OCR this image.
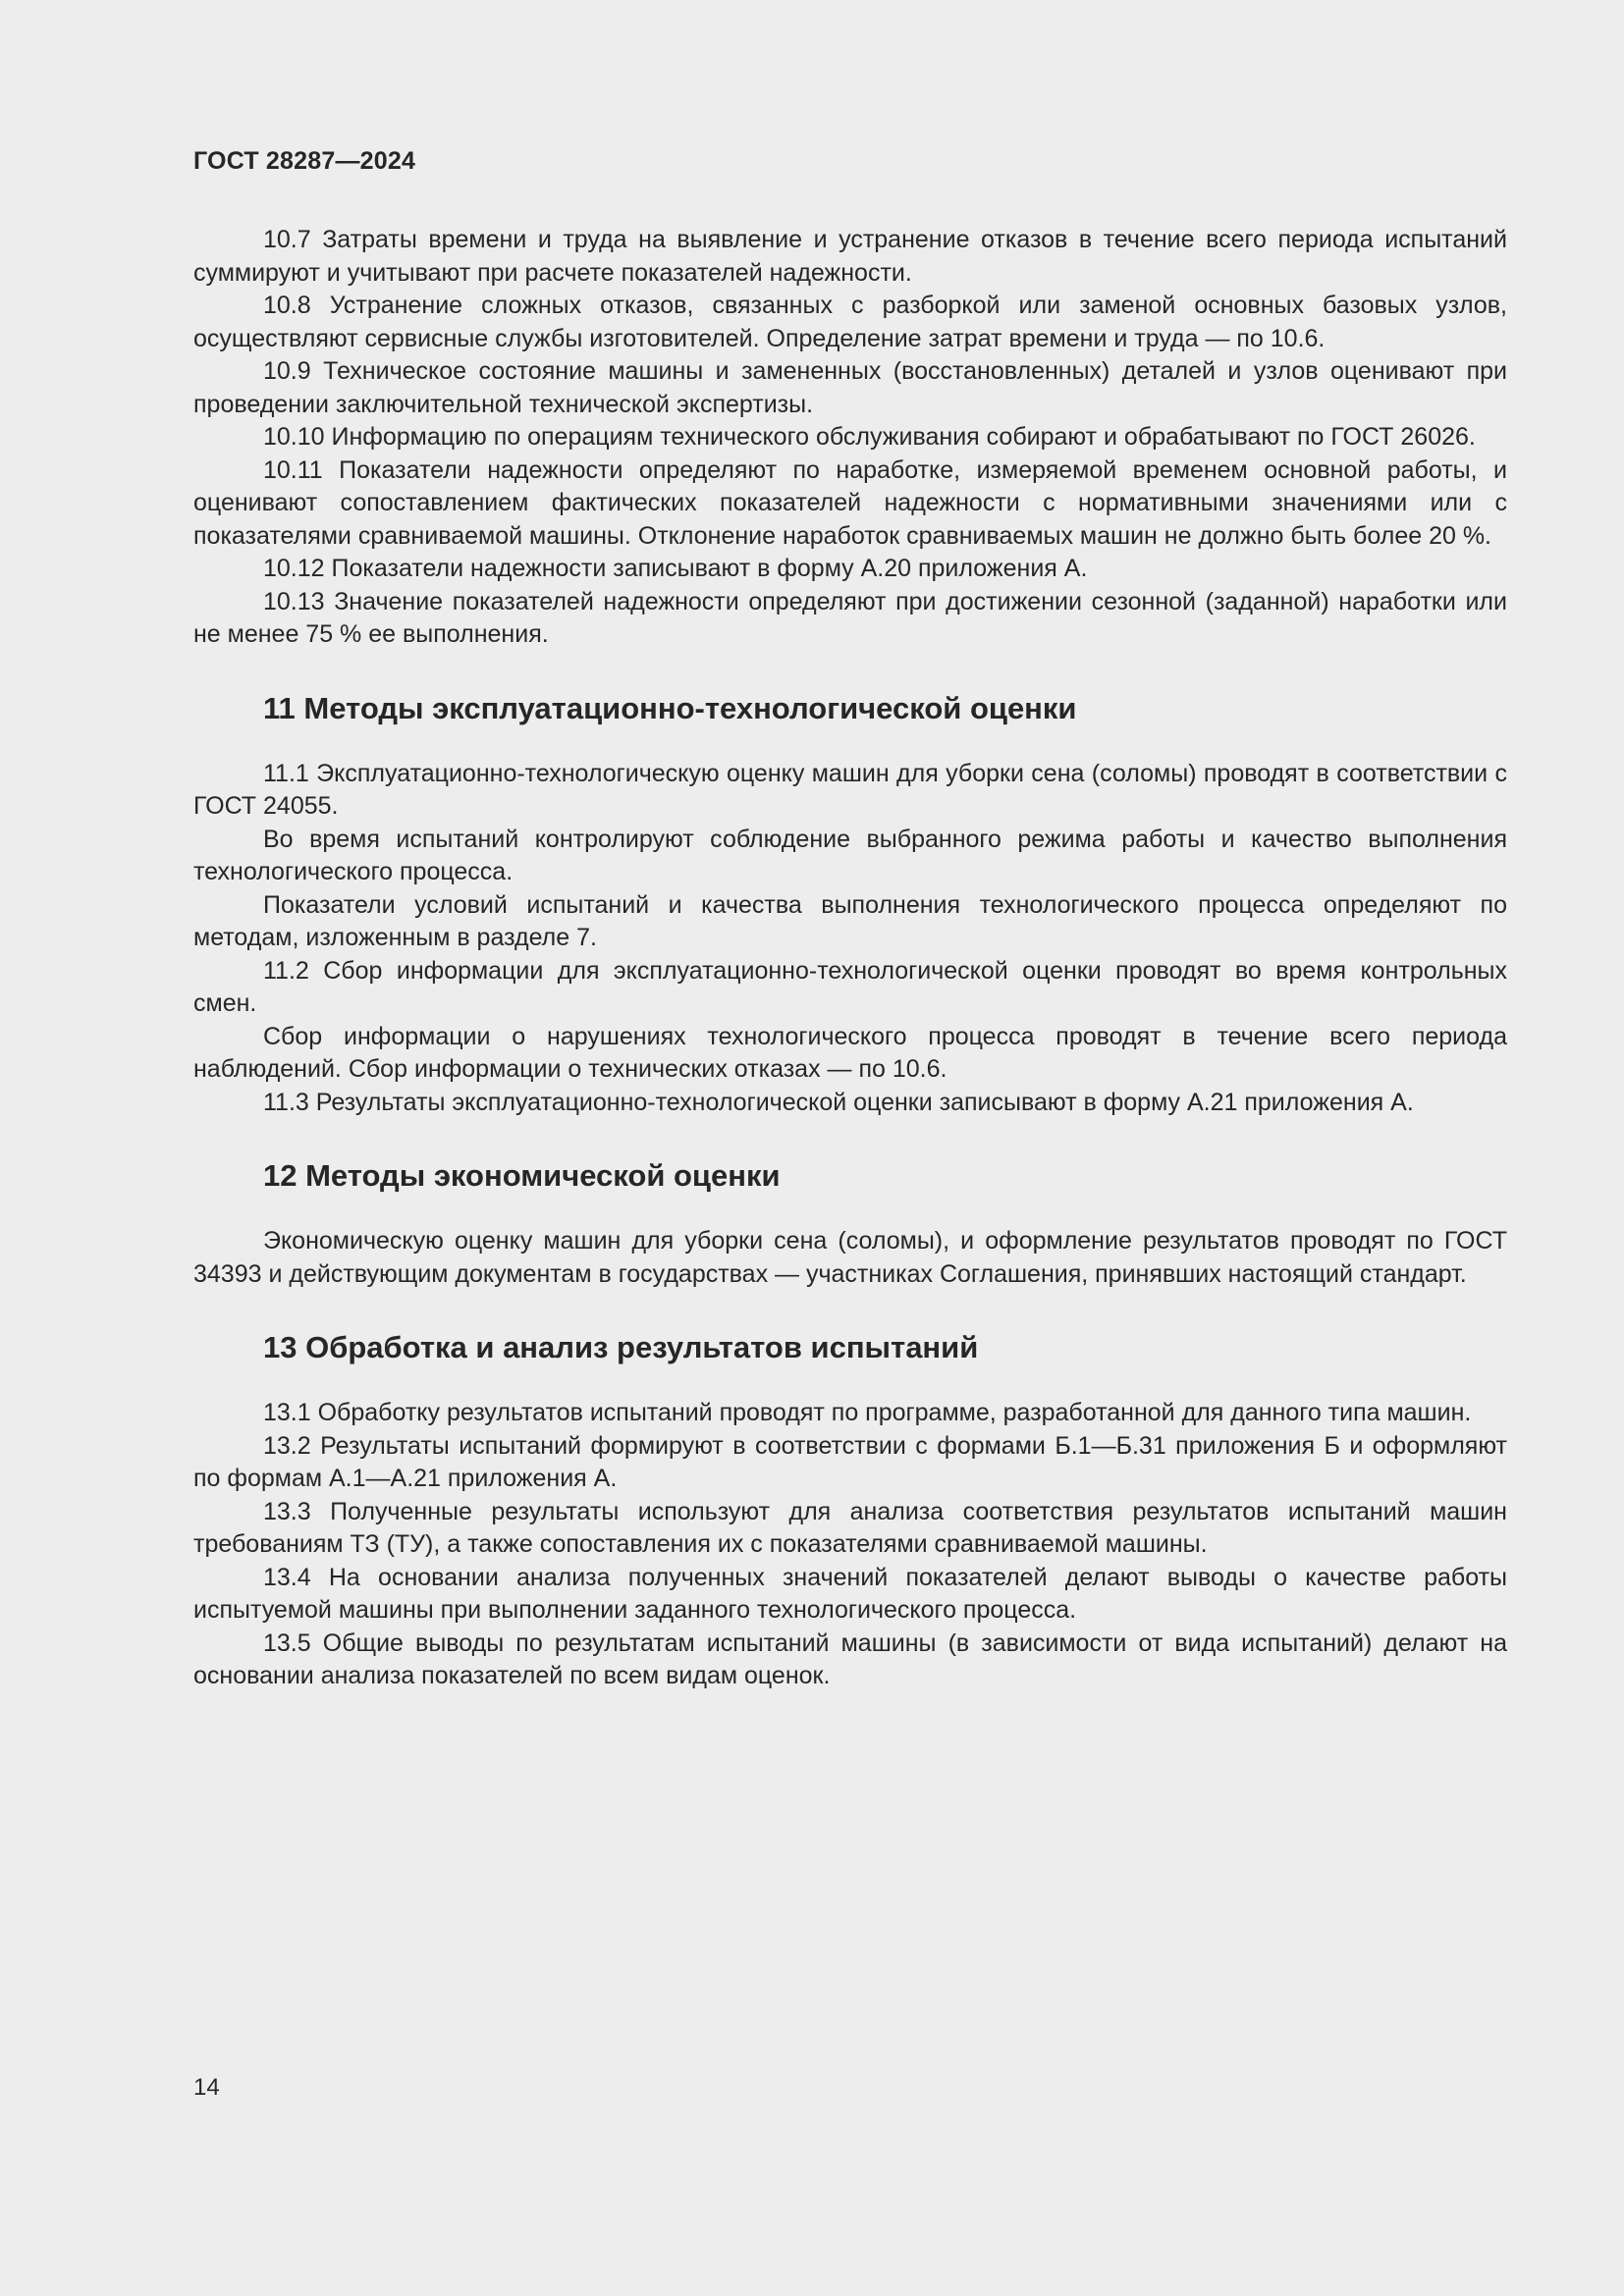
ГОСТ 28287—2024

10.7 Затраты времени и труда на выявление и устранение отказов в течение всего периода испытаний суммируют и учитывают при расчете показателей надежности.

10.8 Устранение сложных отказов, связанных с разборкой или заменой основных базовых узлов, осуществляют сервисные службы изготовителей. Определение затрат времени и труда — по 10.6.

10.9 Техническое состояние машины и замененных (восстановленных) деталей и узлов оценивают при проведении заключительной технической экспертизы.

10.10 Информацию по операциям технического обслуживания собирают и обрабатывают по ГОСТ 26026.

10.11 Показатели надежности определяют по наработке, измеряемой временем основной работы, и оценивают сопоставлением фактических показателей надежности с нормативными значениями или с показателями сравниваемой машины. Отклонение наработок сравниваемых машин не должно быть более 20 %.

10.12 Показатели надежности записывают в форму А.20 приложения А.

10.13 Значение показателей надежности определяют при достижении сезонной (заданной) наработки или не менее 75 % ее выполнения.

11 Методы эксплуатационно-технологической оценки

11.1 Эксплуатационно-технологическую оценку машин для уборки сена (соломы) проводят в соответствии с ГОСТ 24055.

Во время испытаний контролируют соблюдение выбранного режима работы и качество выполнения технологического процесса.

Показатели условий испытаний и качества выполнения технологического процесса определяют по методам, изложенным в разделе 7.

11.2 Сбор информации для эксплуатационно-технологической оценки проводят во время контрольных смен.

Сбор информации о нарушениях технологического процесса проводят в течение всего периода наблюдений. Сбор информации о технических отказах — по 10.6.

11.3 Результаты эксплуатационно-технологической оценки записывают в форму А.21 приложения А.

12 Методы экономической оценки

Экономическую оценку машин для уборки сена (соломы), и оформление результатов проводят по ГОСТ 34393 и действующим документам в государствах — участниках Соглашения, принявших настоящий стандарт.

13 Обработка и анализ результатов испытаний

13.1 Обработку результатов испытаний проводят по программе, разработанной для данного типа машин.

13.2 Результаты испытаний формируют в соответствии с формами Б.1—Б.31 приложения Б и оформляют по формам А.1—А.21 приложения А.

13.3 Полученные результаты используют для анализа соответствия результатов испытаний машин требованиям ТЗ (ТУ), а также сопоставления их с показателями сравниваемой машины.

13.4 На основании анализа полученных значений показателей делают выводы о качестве работы испытуемой машины при выполнении заданного технологического процесса.

13.5 Общие выводы по результатам испытаний машины (в зависимости от вида испытаний) делают на основании анализа показателей по всем видам оценок.

14
